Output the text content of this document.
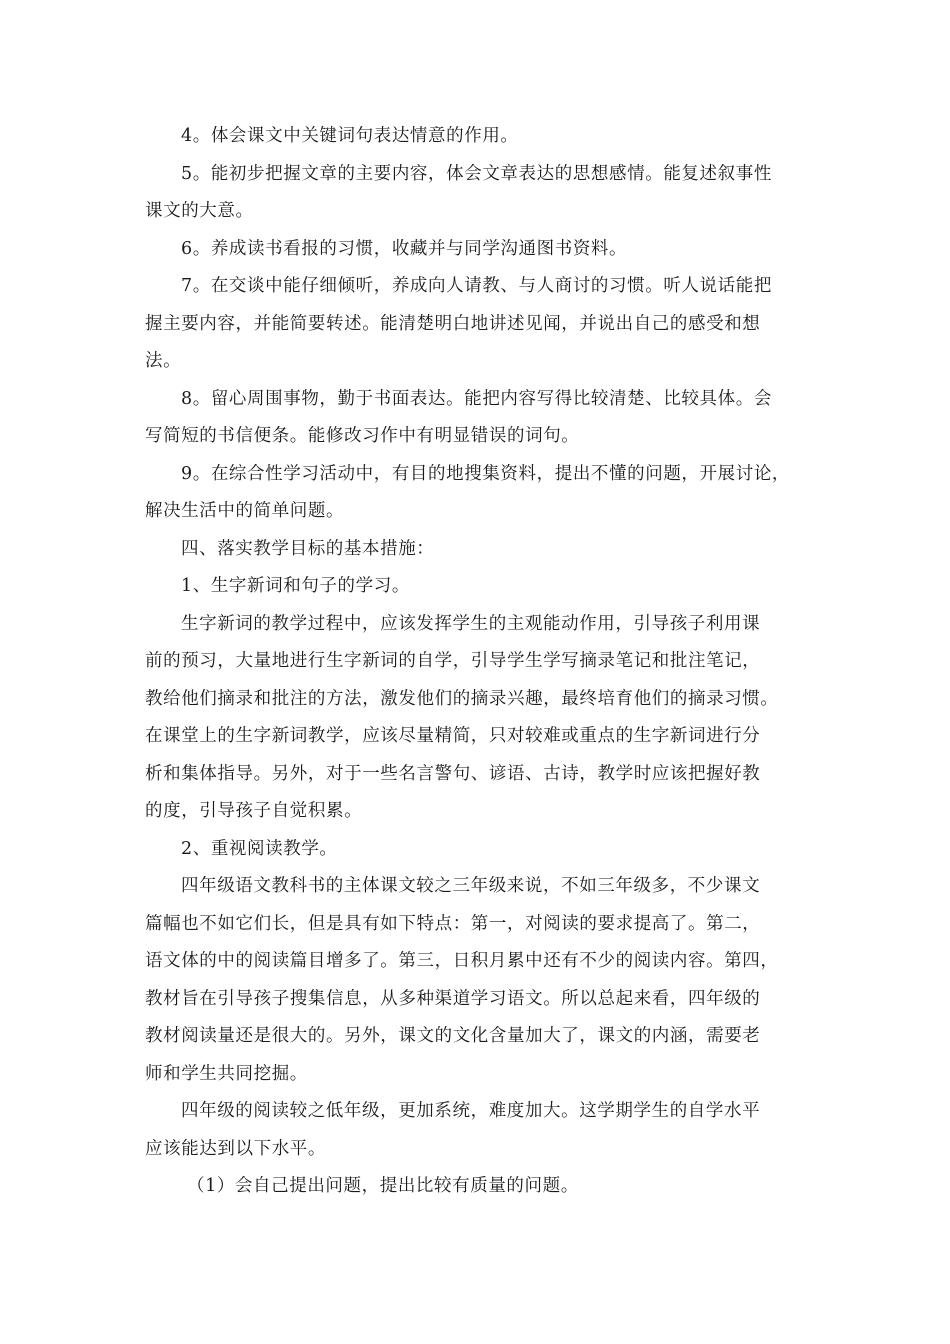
4。体会课文中关键词句表达情意的作用。

5。能初步把握文章的主要内容，体会文章表达的思想感情。能复述叙事性
课文的大意。

6。养成读书看报的习惯，收藏并与同学沟通图书资料。

7。在交谈中能仔细倾听，养成向人请教、与人商讨的习惯。听人说话能把
握主要内容，并能简要转述。能清楚明白地讲述见闻，并说出自己的感受和想
法。

8。留心周围事物，勤于书面表达。能把内容写得比较清楚、比较具体。会
写简短的书信便条。能修改习作中有明显错误的词句。

9。在综合性学习活动中，有目的地搜集资料，提出不懂的问题，开展讨论，
解决生活中的简单问题。

四、落实教学目标的基本措施：

1、生字新词和句子的学习。

生字新词的教学过程中，应该发挥学生的主观能动作用，引导孩子利用课
前的预习，大量地进行生字新词的自学，引导学生学写摘录笔记和批注笔记，
教给他们摘录和批注的方法，激发他们的摘录兴趣，最终培育他们的摘录习惯。
在课堂上的生字新词教学，应该尽量精简，只对较难或重点的生字新词进行分
析和集体指导。另外，对于一些名言警句、谚语、古诗，教学时应该把握好教
的度，引导孩子自觉积累。

2、重视阅读教学。

四年级语文教科书的主体课文较之三年级来说，不如三年级多，不少课文
篇幅也不如它们长，但是具有如下特点：第一，对阅读的要求提高了。第二，
语文体的中的阅读篇目增多了。第三，日积月累中还有不少的阅读内容。第四，
教材旨在引导孩子搜集信息，从多种渠道学习语文。所以总起来看，四年级的
教材阅读量还是很大的。另外，课文的文化含量加大了，课文的内涵，需要老
师和学生共同挖掘。

四年级的阅读较之低年级，更加系统，难度加大。这学期学生的自学水平
应该能达到以下水平。

（1）会自己提出问题，提出比较有质量的问题。
